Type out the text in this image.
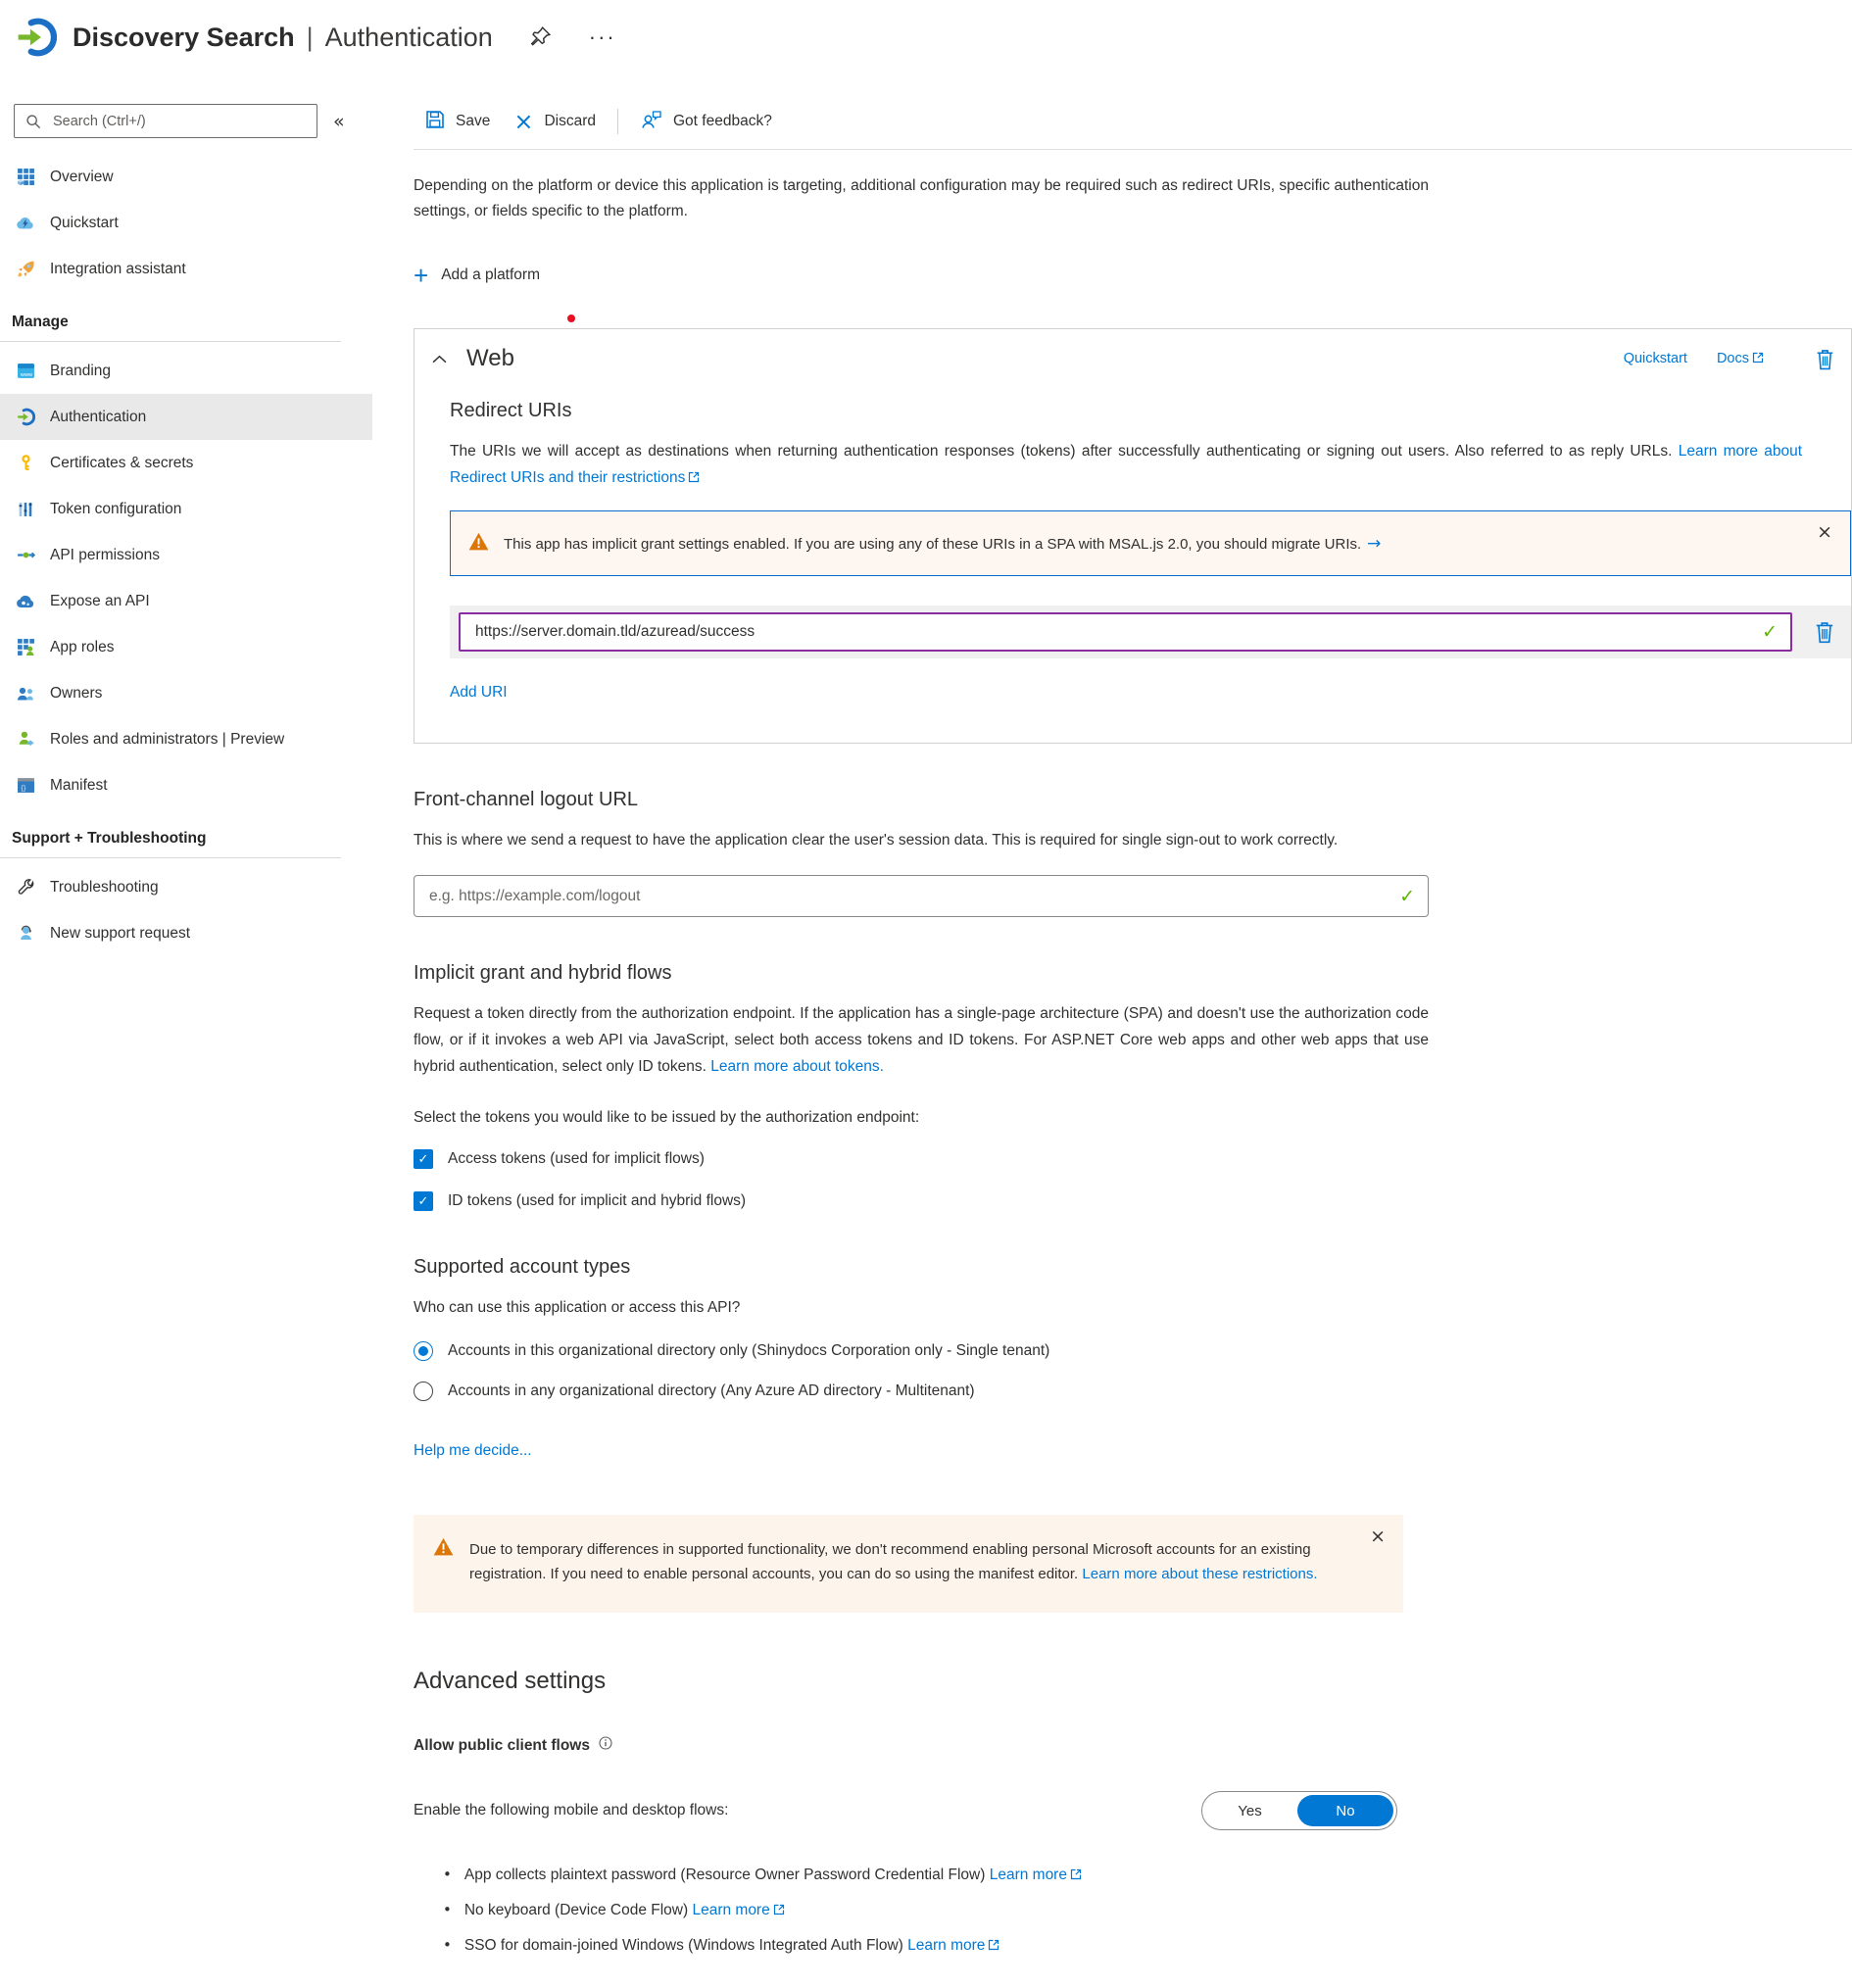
Discovery Search | Authentication	···
Search (Ctrl+/)
«
Overview
Quickstart
Integration assistant
Manage
www Branding
Authentication
Certificates & secrets
Token configuration
API permissions
Expose an API
App roles
Owners
Roles and administrators | Preview
{} Manifest
Support + Troubleshooting
Troubleshooting
New support request
Save × Discard	Got feedback?

Depending on the platform or device this application is targeting, additional configuration may be required such as redirect URIs, specific authentication settings, or fields specific to the platform.

+ Add a platform
Web	Quickstart Docs
Redirect URIs

The URIs we will accept as destinations when returning authentication responses (tokens) after successfully authenticating or signing out users. Also referred to as reply URLs. Learn more about Redirect URIs and their restrictions

This app has implicit grant settings enabled. If you are using any of these URIs in a SPA with MSAL.js 2.0, you should migrate URIs. →
×
https://server.domain.tld/azuread/success
✓
Add URI
Front-channel logout URL

This is where we send a request to have the application clear the user's session data. This is required for single sign-out to work correctly.

e.g. https://example.com/logout
✓
Implicit grant and hybrid flows

Request a token directly from the authorization endpoint. If the application has a single-page architecture (SPA) and doesn't use the authorization code flow, or if it invokes a web API via JavaScript, select both access tokens and ID tokens. For ASP.NET Core web apps and other web apps that use hybrid authentication, select only ID tokens. Learn more about tokens.

Select the tokens you would like to be issued by the authorization endpoint:
✓ Access tokens (used for implicit flows)
✓ ID tokens (used for implicit and hybrid flows)
Supported account types

Who can use this application or access this API?

Accounts in this organizational directory only (Shinydocs Corporation only - Single tenant)
Accounts in any organizational directory (Any Azure AD directory - Multitenant)
Help me decide...
Due to temporary differences in supported functionality, we don't recommend enabling personal Microsoft accounts for an existing registration. If you need to enable personal accounts, you can do so using the manifest editor. Learn more about these restrictions.
×
Advanced settings
Allow public client flows
Enable the following mobile and desktop flows:	Yes	No
• App collects plaintext password (Resource Owner Password Credential Flow) Learn more
• No keyboard (Device Code Flow) Learn more
• SSO for domain-joined Windows (Windows Integrated Auth Flow) Learn more
